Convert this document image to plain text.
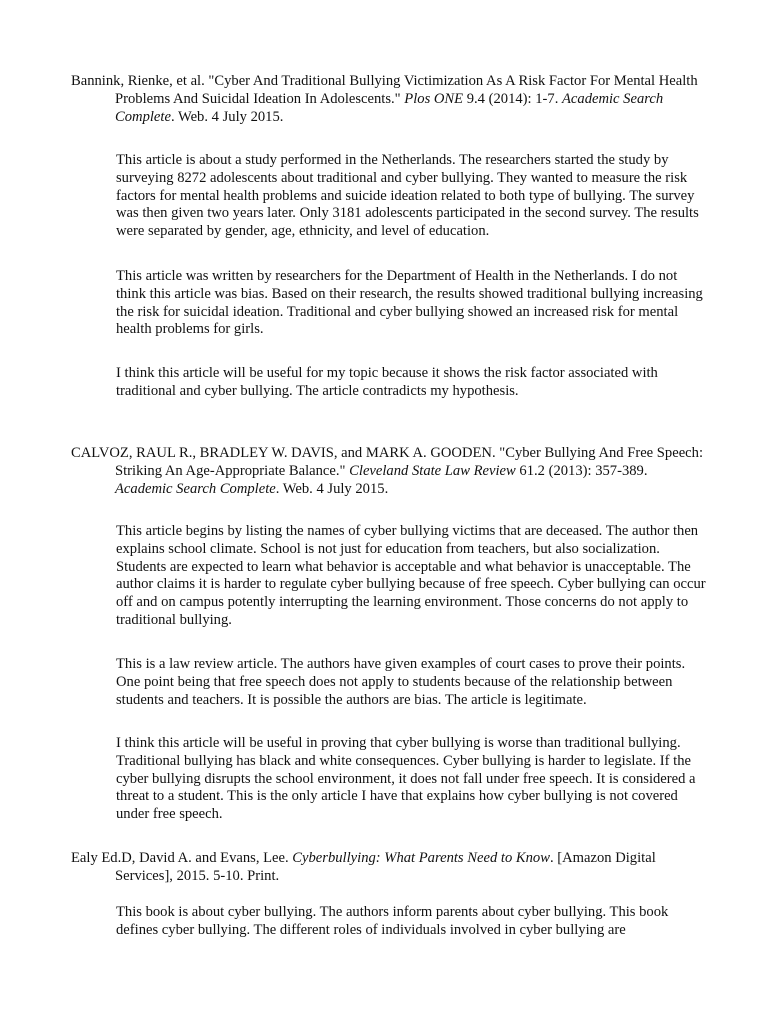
Bannink, Rienke, et al. "Cyber And Traditional Bullying Victimization As A Risk Factor For Mental Health Problems And Suicidal Ideation In Adolescents." Plos ONE 9.4 (2014): 1-7. Academic Search Complete. Web. 4 July 2015.

This article is about a study performed in the Netherlands. The researchers started the study by surveying 8272 adolescents about traditional and cyber bullying. They wanted to measure the risk factors for mental health problems and suicide ideation related to both type of bullying. The survey was then given two years later. Only 3181 adolescents participated in the second survey. The results were separated by gender, age, ethnicity, and level of education.

This article was written by researchers for the Department of Health in the Netherlands. I do not think this article was bias. Based on their research, the results showed traditional bullying increasing the risk for suicidal ideation. Traditional and cyber bullying showed an increased risk for mental health problems for girls.

I think this article will be useful for my topic because it shows the risk factor associated with traditional and cyber bullying. The article contradicts my hypothesis.

CALVOZ, RAUL R., BRADLEY W. DAVIS, and MARK A. GOODEN. "Cyber Bullying And Free Speech: Striking An Age-Appropriate Balance." Cleveland State Law Review 61.2 (2013): 357-389. Academic Search Complete. Web. 4 July 2015.

This article begins by listing the names of cyber bullying victims that are deceased. The author then explains school climate. School is not just for education from teachers, but also socialization. Students are expected to learn what behavior is acceptable and what behavior is unacceptable. The author claims it is harder to regulate cyber bullying because of free speech. Cyber bullying can occur off and on campus potently interrupting the learning environment. Those concerns do not apply to traditional bullying.

This is a law review article. The authors have given examples of court cases to prove their points. One point being that free speech does not apply to students because of the relationship between students and teachers. It is possible the authors are bias. The article is legitimate.

I think this article will be useful in proving that cyber bullying is worse than traditional bullying. Traditional bullying has black and white consequences. Cyber bullying is harder to legislate. If the cyber bullying disrupts the school environment, it does not fall under free speech. It is considered a threat to a student. This is the only article I have that explains how cyber bullying is not covered under free speech.

Ealy Ed.D, David A. and Evans, Lee. Cyberbullying: What Parents Need to Know. [Amazon Digital Services], 2015. 5-10. Print.

This book is about cyber bullying. The authors inform parents about cyber bullying. This book defines cyber bullying. The different roles of individuals involved in cyber bullying are
